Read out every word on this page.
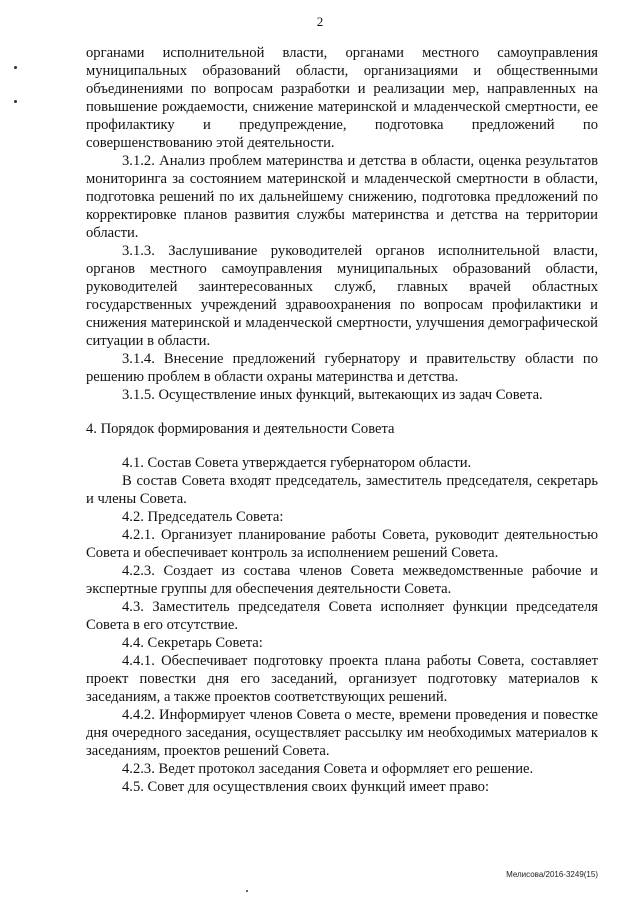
2

органами исполнительной власти, органами местного самоуправления муниципальных образований области, организациями и общественными объединениями по вопросам разработки и реализации мер, направленных на повышение рождаемости, снижение материнской и младенческой смертности, ее профилактику и предупреждение, подготовка предложений по совершенствованию этой деятельности.

3.1.2. Анализ проблем материнства и детства в области, оценка результатов мониторинга за состоянием материнской и младенческой смертности в области, подготовка решений по их дальнейшему снижению, подготовка предложений по корректировке планов развития службы материнства и детства на территории области.

3.1.3. Заслушивание руководителей органов исполнительной власти, органов местного самоуправления муниципальных образований области, руководителей заинтересованных служб, главных врачей областных государственных учреждений здравоохранения по вопросам профилактики и снижения материнской и младенческой смертности, улучшения демографической ситуации в области.

3.1.4. Внесение предложений губернатору и правительству области по решению проблем в области охраны материнства и детства.

3.1.5. Осуществление иных функций, вытекающих из задач Совета.

4. Порядок формирования и деятельности Совета

4.1. Состав Совета утверждается губернатором области.

В состав Совета входят председатель, заместитель председателя, секретарь и члены Совета.

4.2. Председатель Совета:

4.2.1. Организует планирование работы Совета, руководит деятельностью Совета и обеспечивает контроль за исполнением решений Совета.

4.2.3. Создает из состава членов Совета межведомственные рабочие и экспертные группы для обеспечения деятельности Совета.

4.3. Заместитель председателя Совета исполняет функции председателя Совета в его отсутствие.

4.4. Секретарь Совета:

4.4.1. Обеспечивает подготовку проекта плана работы Совета, составляет проект повестки дня его заседаний, организует подготовку материалов к заседаниям, а также проектов соответствующих решений.

4.4.2. Информирует членов Совета о месте, времени проведения и повестке дня очередного заседания, осуществляет рассылку им необходимых материалов к заседаниям, проектов решений Совета.

4.2.3. Ведет протокол заседания Совета и оформляет его решение.

4.5. Совет для осуществления своих функций имеет право:

Мелисова/2016-3249(15)
